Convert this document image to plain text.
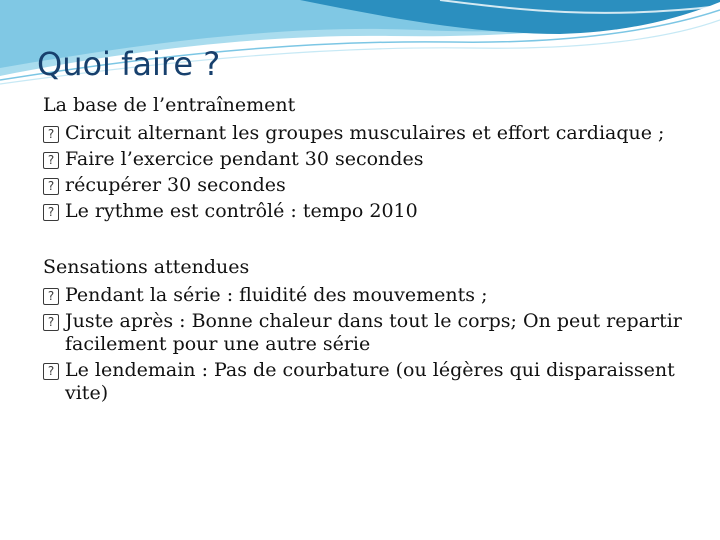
Quoi faire ?
La base de l’entraînement
? Circuit alternant les groupes musculaires et effort cardiaque ;
? Faire l’exercice pendant 30 secondes
? récupérer 30 secondes
? Le rythme est contrôlé : tempo 2010
Sensations attendues
? Pendant la série : fluidité des mouvements ;
? Juste après : Bonne chaleur dans tout le corps; On peut repartir facilement pour une autre série
? Le lendemain : Pas de courbature (ou légères qui disparaissent vite)
